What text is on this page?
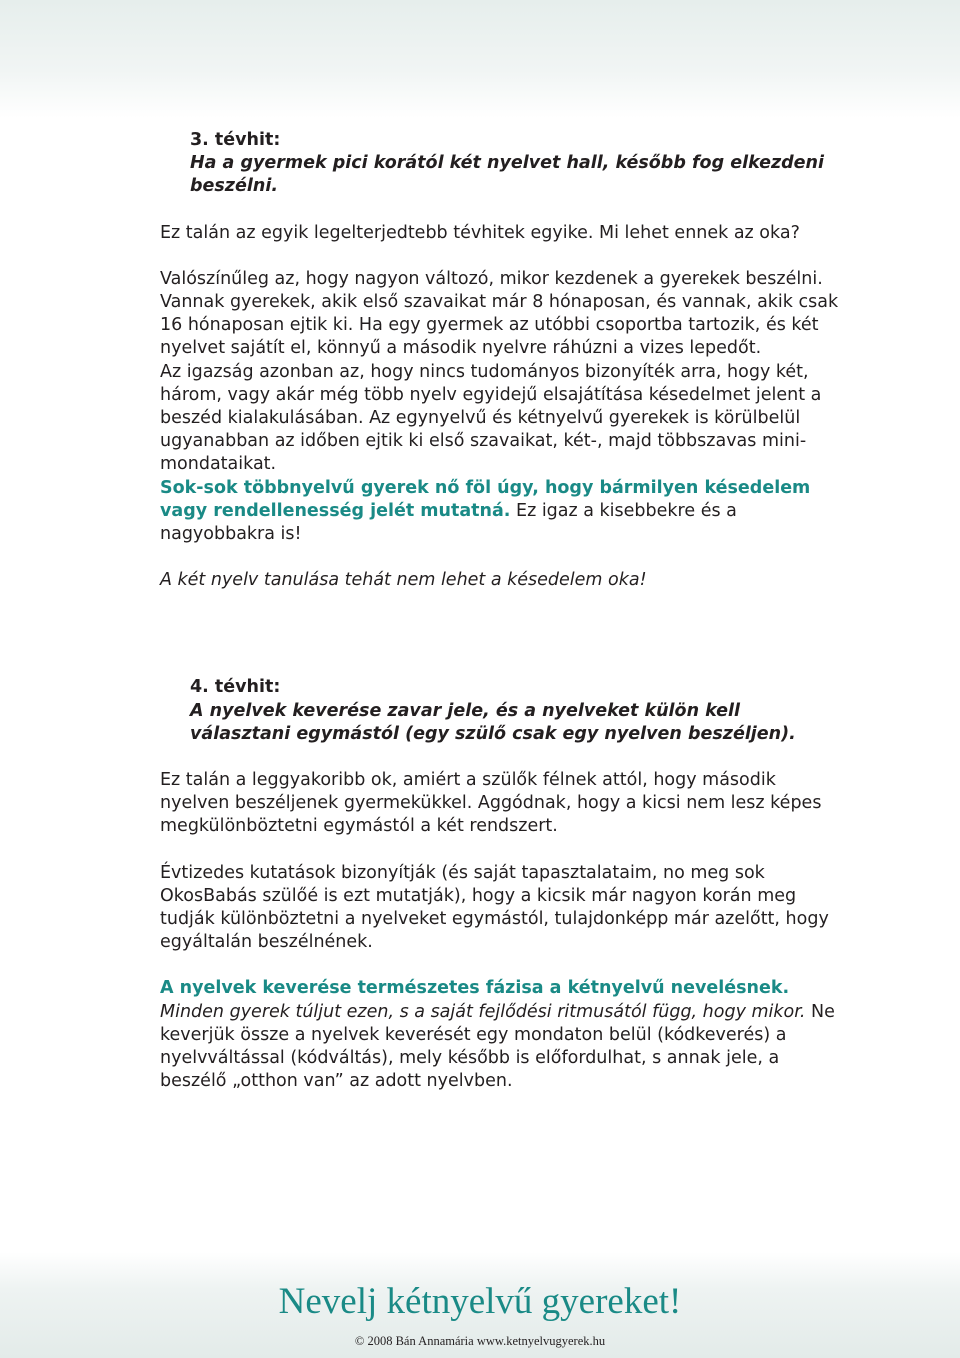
3. tévhit:
Ha a gyermek pici korától két nyelvet hall, később fog elkezdeni beszélni.

Ez talán az egyik legelterjedtebb tévhitek egyike. Mi lehet ennek az oka?

Valószínűleg az, hogy nagyon változó, mikor kezdenek a gyerekek beszélni. Vannak gyerekek, akik első szavaikat már 8 hónaposan, és vannak, akik csak 16 hónaposan ejtik ki. Ha egy gyermek az utóbbi csoportba tartozik, és két nyelvet sajátít el, könnyű a második nyelvre ráhúzni a vizes lepedőt.

Az igazság azonban az, hogy nincs tudományos bizonyíték arra, hogy két, három, vagy akár még több nyelv egyidejű elsajátítása késedelmet jelent a beszéd kialakulásában. Az egynyelvű és kétnyelvű gyerekek is körülbelül ugyanabban az időben ejtik ki első szavaikat, két-, majd többszavas mini-mondataikat.

Sok-sok többnyelvű gyerek nő föl úgy, hogy bármilyen késedelem vagy rendellenesség jelét mutatná. Ez igaz a kisebbekre és a nagyobbakra is!

A két nyelv tanulása tehát nem lehet a késedelem oka!

4. tévhit:
A nyelvek keverése zavar jele, és a nyelveket külön kell választani egymástól (egy szülő csak egy nyelven beszéljen).

Ez talán a leggyakoribb ok, amiért a szülők félnek attól, hogy második nyelven beszéljenek gyermekükkel. Aggódnak, hogy a kicsi nem lesz képes megkülönböztetni egymástól a két rendszert.

Évtizedes kutatások bizonyítják (és saját tapasztalataim, no meg sok OkosBabás szülőé is ezt mutatják), hogy a kicsik már nagyon korán meg tudják különböztetni a nyelveket egymástól, tulajdonképp már azelőtt, hogy egyáltalán beszélnének.

A nyelvek keverése természetes fázisa a kétnyelvű nevelésnek. Minden gyerek túljut ezen, s a saját fejlődési ritmusától függ, hogy mikor. Ne keverjük össze a nyelvek keverését egy mondaton belül (kódkeverés) a nyelvváltással (kódváltás), mely később is előfordulhat, s annak jele, a beszélő „otthon van” az adott nyelvben.

Nevelj kétnyelvű gyereket!
© 2008 Bán Annamária www.ketnyelvugyerek.hu
